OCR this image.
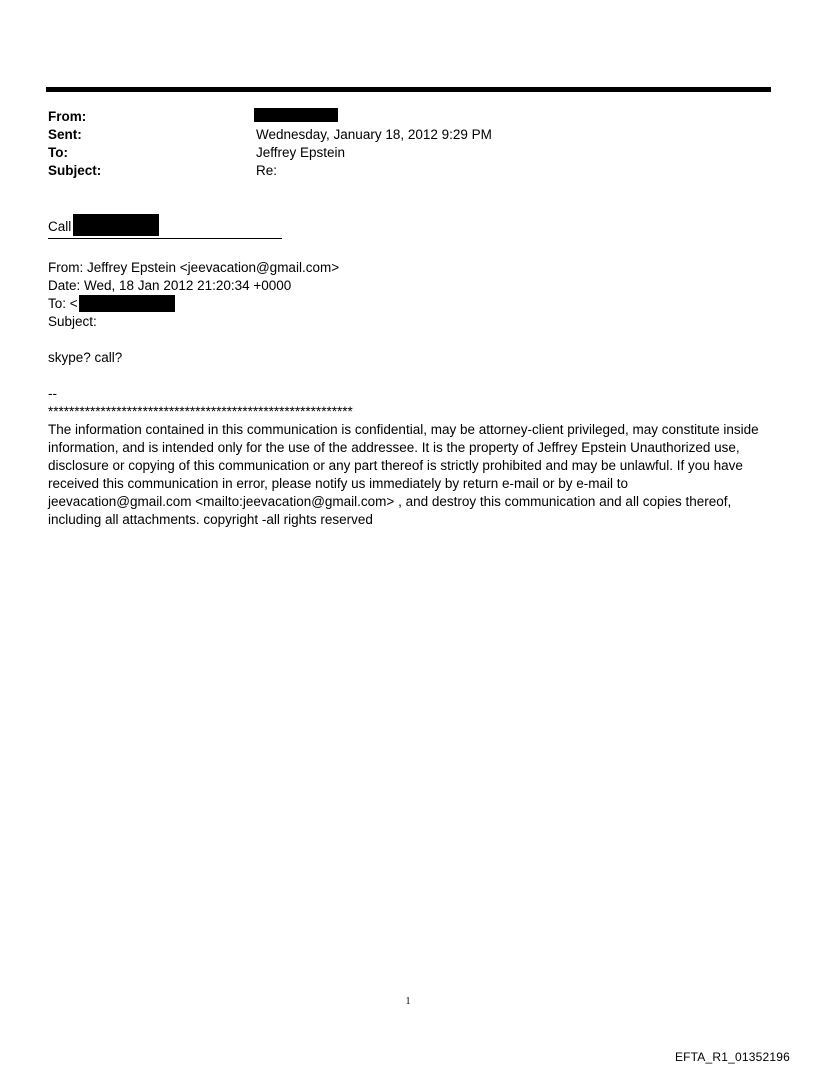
From:
Sent:	Wednesday, January 18, 2012 9:29 PM
To:	Jeffrey Epstein
Subject:	Re:
Call
From: Jeffrey Epstein <jeevacation@gmail.com>
Date: Wed, 18 Jan 2012 21:20:34 +0000
To: <
Subject:
skype? call?
--
**********************************************************
The information contained in this communication is confidential, may be attorney-client privileged, may constitute inside information, and is intended only for the use of the addressee. It is the property of Jeffrey Epstein Unauthorized use, disclosure or copying of this communication or any part thereof is strictly prohibited and may be unlawful. If you have received this communication in error, please notify us immediately by return e-mail or by e-mail to jeevacation@gmail.com <mailto:jeevacation@gmail.com> , and destroy this communication and all copies thereof, including all attachments. copyright -all rights reserved
1
EFTA_R1_01352196
